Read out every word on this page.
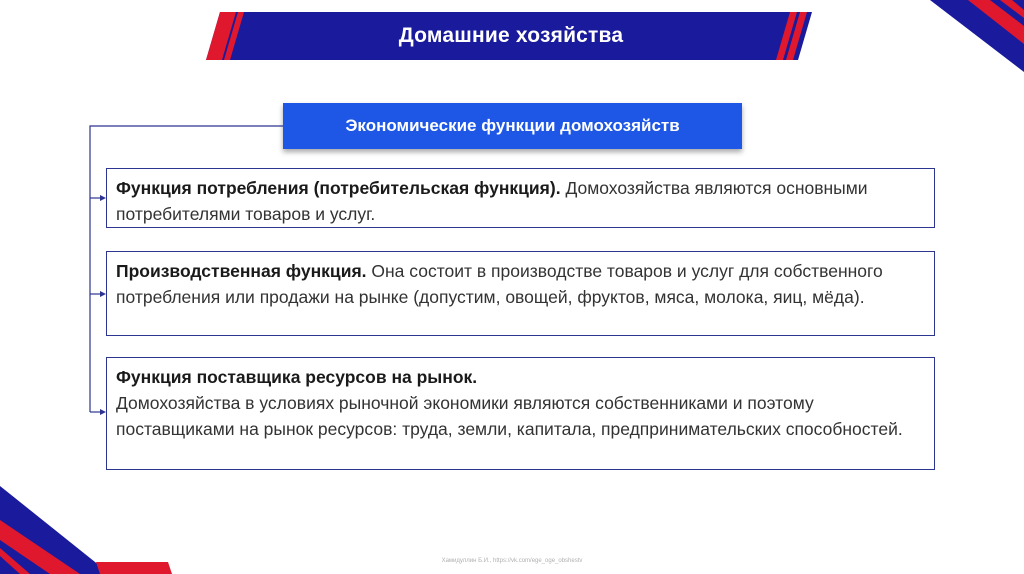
Домашние хозяйства
Экономические функции домохозяйств
Функция потребления (потребительская функция). Домохозяйства являются основными потребителями товаров и услуг.
Производственная функция. Она состоит в производстве товаров и услуг для собственного потребления или продажи на рынке (допустим, овощей, фруктов, мяса, молока, яиц, мёда).
Функция поставщика ресурсов на рынок.
Домохозяйства в условиях рыночной экономики являются собственниками и поэтому поставщиками на рынок ресурсов: труда, земли, капитала, предпринимательских способностей.
Хамидуллин Б.И., https://vk.com/ege_oge_obshestv
